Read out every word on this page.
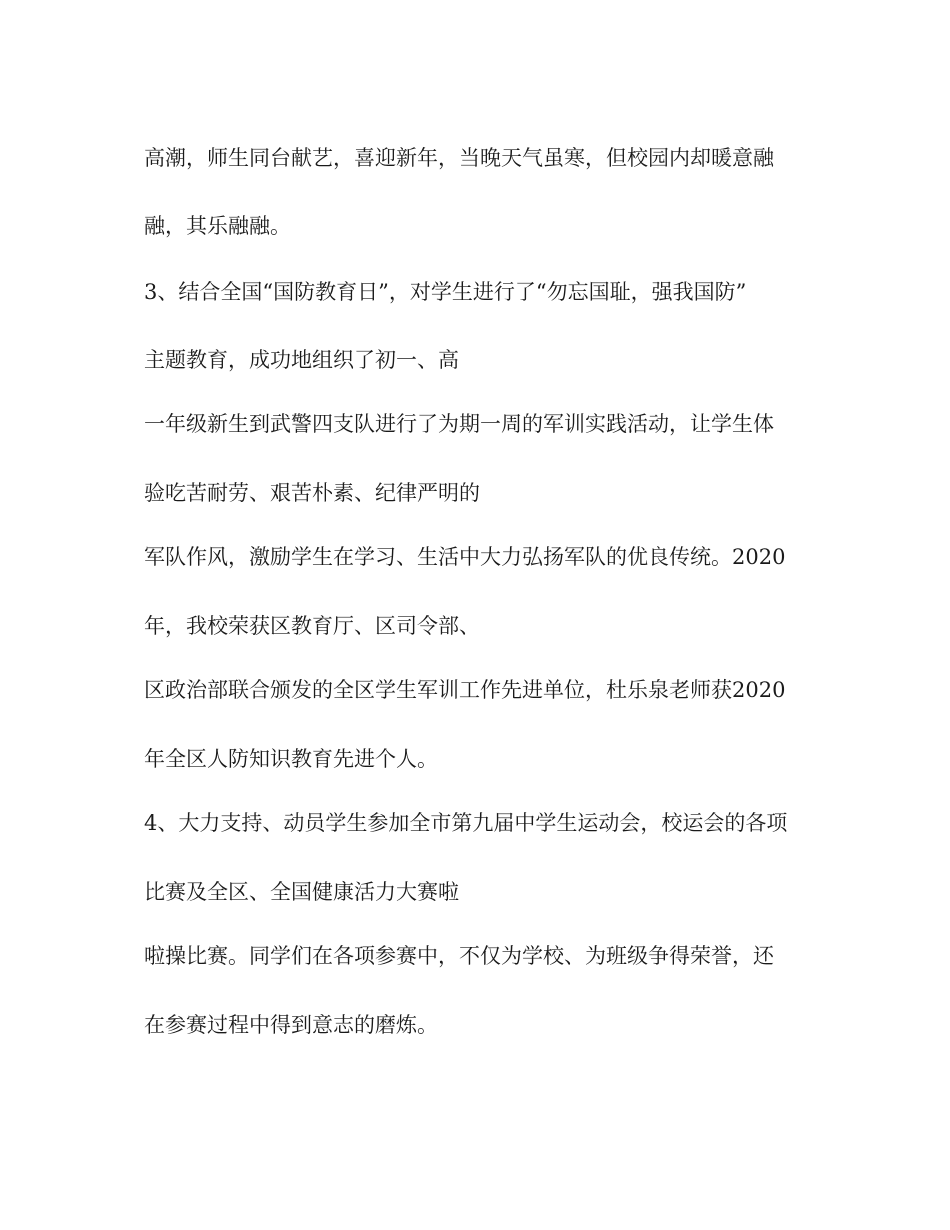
高潮，师生同台献艺，喜迎新年，当晚天气虽寒，但校园内却暖意融

融，其乐融融。

3、结合全国“国防教育日”，对学生进行了“勿忘国耻，强我国防”

主题教育，成功地组织了初一、高

一年级新生到武警四支队进行了为期一周的军训实践活动，让学生体

验吃苦耐劳、艰苦朴素、纪律严明的

军队作风，激励学生在学习、生活中大力弘扬军队的优良传统。2020

年，我校荣获区教育厅、区司令部、

区政治部联合颁发的全区学生军训工作先进单位，杜乐泉老师获2020

年全区人防知识教育先进个人。

4、大力支持、动员学生参加全市第九届中学生运动会，校运会的各项

比赛及全区、全国健康活力大赛啦

啦操比赛。同学们在各项参赛中，不仅为学校、为班级争得荣誉，还

在参赛过程中得到意志的磨炼。
